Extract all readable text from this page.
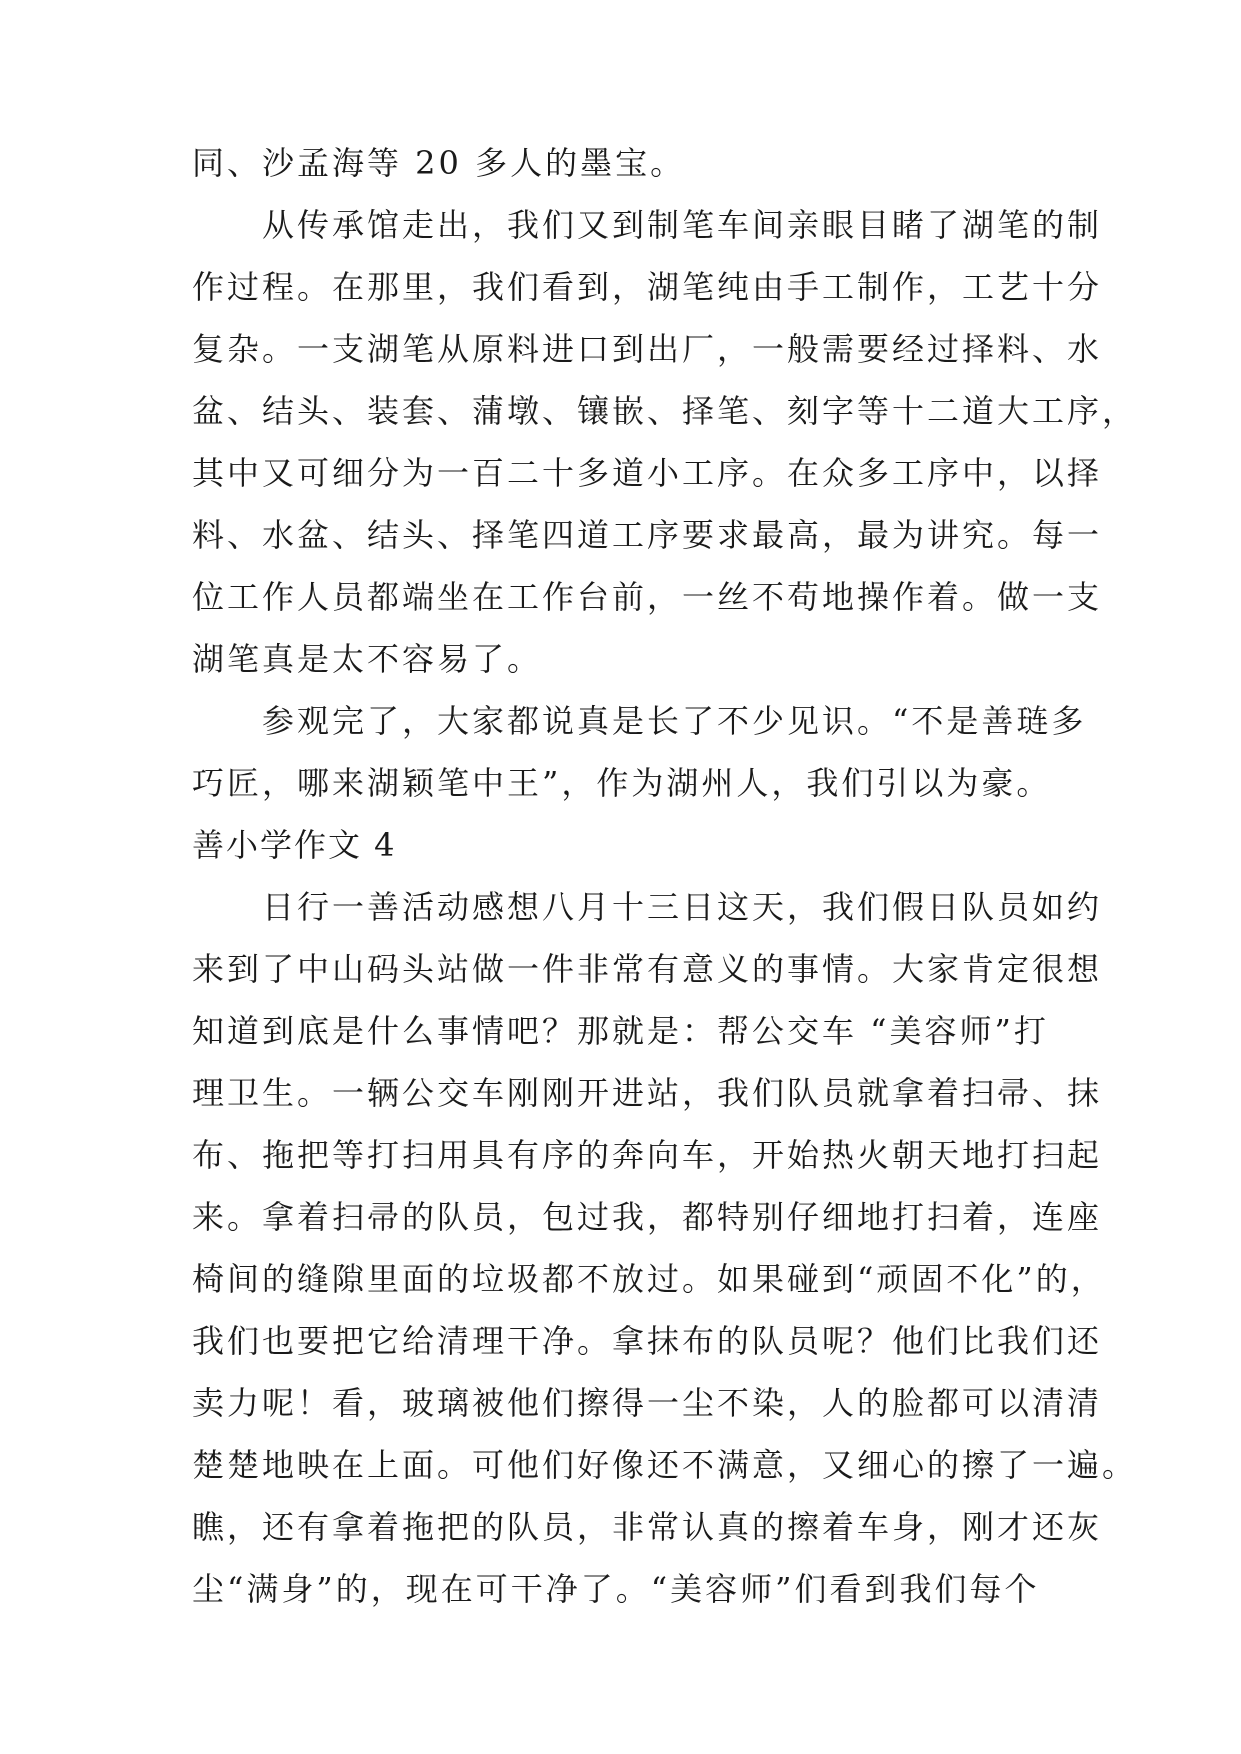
同、沙孟海等 20 多人的墨宝。
　　从传承馆走出，我们又到制笔车间亲眼目睹了湖笔的制
作过程。在那里，我们看到，湖笔纯由手工制作，工艺十分
复杂。一支湖笔从原料进口到出厂，一般需要经过择料、水
盆、结头、装套、蒲墩、镶嵌、择笔、刻字等十二道大工序，
其中又可细分为一百二十多道小工序。在众多工序中，以择
料、水盆、结头、择笔四道工序要求最高，最为讲究。每一
位工作人员都端坐在工作台前，一丝不苟地操作着。做一支
湖笔真是太不容易了。
　　参观完了，大家都说真是长了不少见识。“不是善琏多
巧匠，哪来湖颖笔中王”，作为湖州人，我们引以为豪。
善小学作文 4
　　日行一善活动感想八月十三日这天，我们假日队员如约
来到了中山码头站做一件非常有意义的事情。大家肯定很想
知道到底是什么事情吧？那就是：帮公交车 “美容师”打
理卫生。一辆公交车刚刚开进站，我们队员就拿着扫帚、抹
布、拖把等打扫用具有序的奔向车，开始热火朝天地打扫起
来。拿着扫帚的队员，包过我，都特别仔细地打扫着，连座
椅间的缝隙里面的垃圾都不放过。如果碰到“顽固不化”的，
我们也要把它给清理干净。拿抹布的队员呢？他们比我们还
卖力呢！看，玻璃被他们擦得一尘不染，人的脸都可以清清
楚楚地映在上面。可他们好像还不满意，又细心的擦了一遍。
瞧，还有拿着拖把的队员，非常认真的擦着车身，刚才还灰
尘“满身”的，现在可干净了。“美容师”们看到我们每个
